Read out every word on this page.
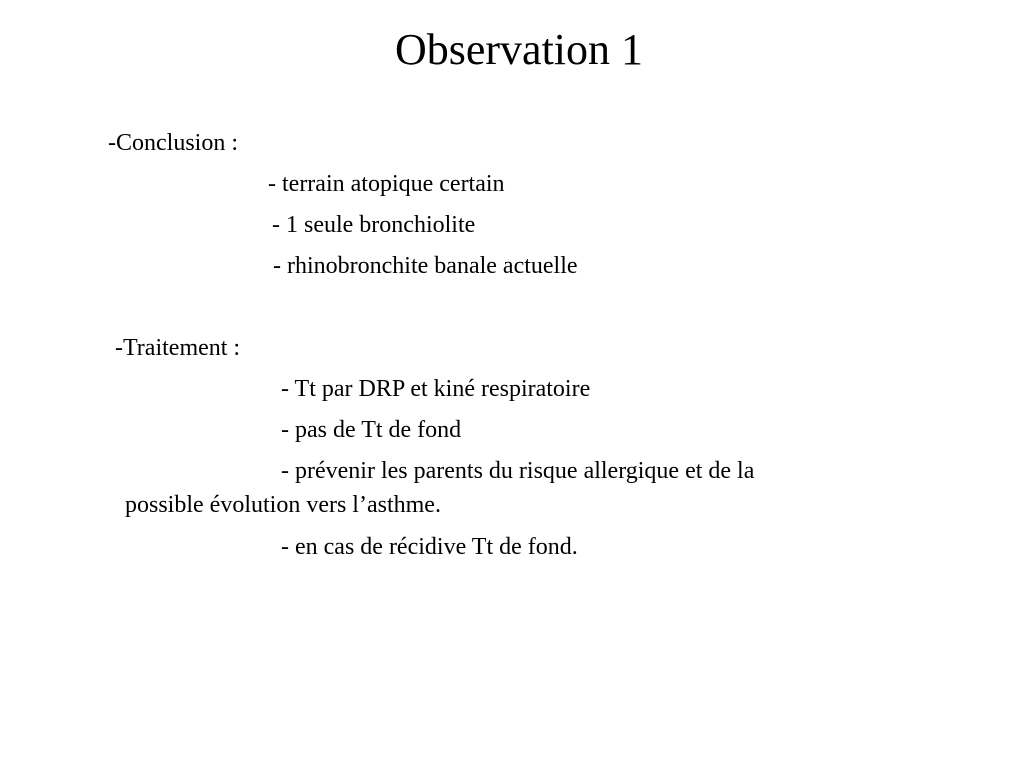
Observation 1
-Conclusion :
- terrain atopique certain
- 1 seule bronchiolite
- rhinobronchite banale actuelle
-Traitement :
- Tt par DRP et kiné respiratoire
- pas de Tt de fond
- prévenir les parents du risque allergique et de la
possible évolution vers l’asthme.
- en cas de récidive Tt de fond.
